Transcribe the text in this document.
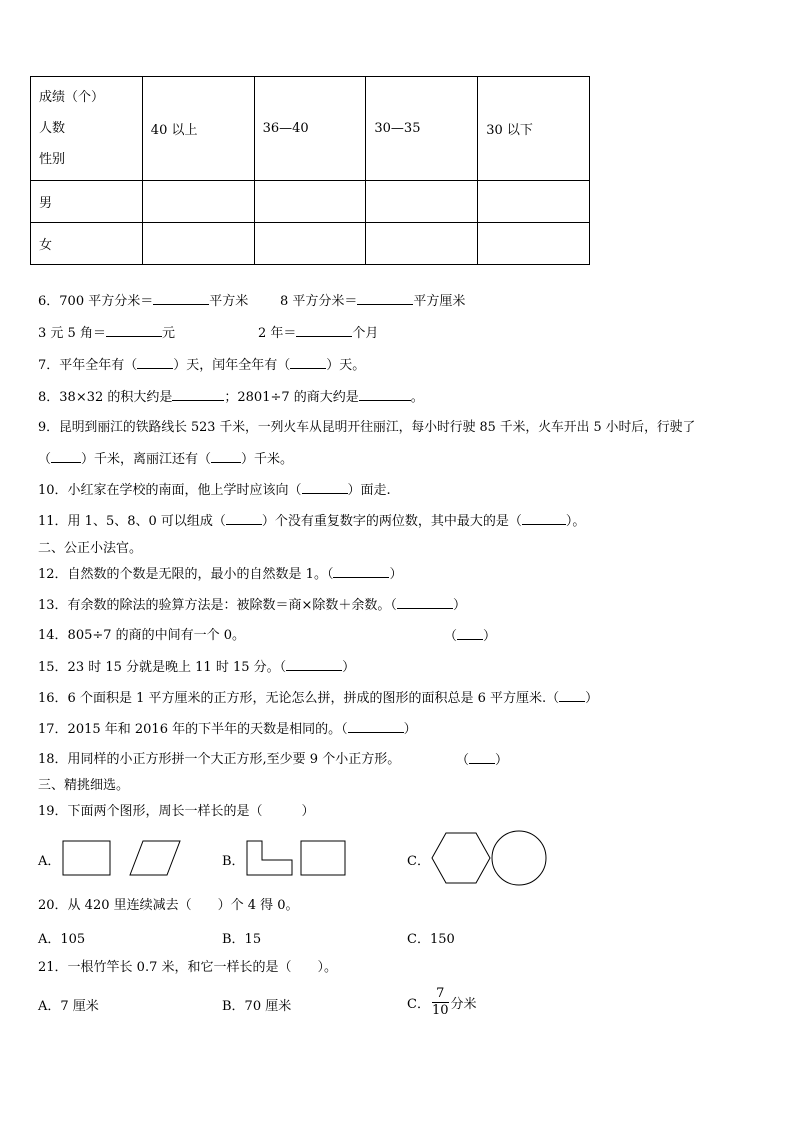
成绩（个）
人数
性别	40 以上	36—40	30—35	30 以下
男				
女				
6．700 平方分米＝	平方米 8 平方分米＝	平方厘米
3 元 5 角＝	元	2 年＝	个月
7．平年全年有（	）天，闰年全年有（	）天。
8．38×32 的积大约是	；2801÷7 的商大约是	。
9．昆明到丽江的铁路线长 523 千米，一列火车从昆明开往丽江，每小时行驶 85 千米，火车开出 5 小时后，行驶了
（ ）千米，离丽江还有（ ）千米。
10．小红家在学校的南面，他上学时应该向（	）面走.
11．用 1、5、8、0 可以组成（	）个没有重复数字的两位数，其中最大的是（	）。
二、公正小法官。
12．自然数的个数是无限的，最小的自然数是 1。（	）
13．有余数的除法的验算方法是：被除数＝商×除数＋余数。（	）
14．805÷7 的商的中间有一个 0。	（ ）
15．23 时 15 分就是晚上 11 时 15 分。（	）
16．6 个面积是 1 平方厘米的正方形，无论怎么拼，拼成的图形的面积总是 6 平方厘米.（ ）
17．2015 年和 2016 年的下半年的天数是相同的。（	）
18．用同样的小正方形拼一个大正方形,至少要 9 个小正方形。	（ ）
三、精挑细选。
19．下面两个图形，周长一样长的是（　　　）
A．	B．	C．
20．从 420 里连续减去（　　）个 4 得 0。
A．105	B．15	C．150
21．一根竹竿长 0.7 米，和它一样长的是（　　）。
A．7 厘米	B．70 厘米	C． $\frac{7}{10}$ 分米
